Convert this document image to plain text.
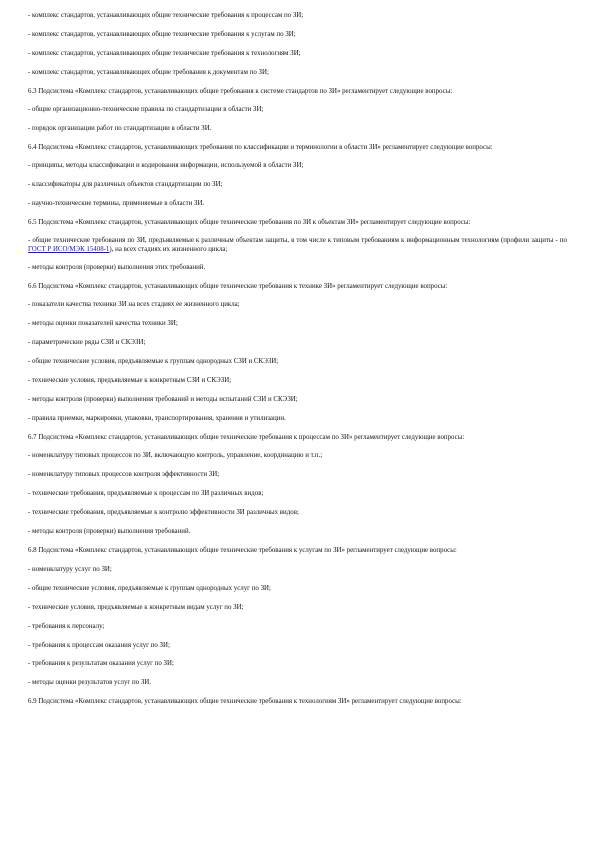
- комплекс стандартов, устанавливающих общие технические требования к процессам по ЗИ;

- комплекс стандартов, устанавливающих общие технические требования к услугам по ЗИ;

- комплекс стандартов, устанавливающих общие технические требования к технологиям ЗИ;

- комплекс стандартов, устанавливающих общие требования к документам по ЗИ;

6.3 Подсистема «Комплекс стандартов, устанавливающих общие требования к системе стандартов по ЗИ» регламентирует следующие вопросы:

- общие организационно-технические правила по стандартизации в области ЗИ;

- порядок организации работ по стандартизации в области ЗИ.

6.4 Подсистема «Комплекс стандартов, устанавливающих требования по классификации и терминологии в области ЗИ» регламентирует следующие вопросы:

- принципы, методы классификации и кодирования информации, используемой в области ЗИ;

- классификаторы для различных объектов стандартизации по ЗИ;

- научно-технические термины, применяемые в области ЗИ.

6.5 Подсистема «Комплекс стандартов, устанавливающих общие технические требования по ЗИ к объектам ЗИ» регламентирует следующие вопросы:

- общие технические требования по ЗИ, предъявляемые к различным объектам защиты, в том числе к типовым требованиям к информационным технологиям (профили защиты - по ГОСТ Р ИСО/МЭК 15408-1), на всех стадиях их жизненного цикла;

- методы контроля (проверки) выполнения этих требований.

6.6 Подсистема «Комплекс стандартов, устанавливающих общие технические требования к технике ЗИ» регламентирует следующие вопросы:

- показатели качества техники ЗИ на всех стадиях ее жизненного цикла;

- методы оценки показателей качества техники ЗИ;

- параметрические ряды СЗИ и СКЭЗИ;

- общие технические условия, предъявляемые к группам однородных СЗИ и СКЭЗИ;

- технические условия, предъявляемые к конкретным СЗИ и СКЭЗИ;

- методы контроля (проверки) выполнения требований и методы испытаний СЗИ и СКЭЗИ;

- правила приемки, маркировки, упаковки, транспортирования, хранения и утилизации.

6.7 Подсистема «Комплекс стандартов, устанавливающих общие технические требования к процессам по ЗИ» регламентирует следующие вопросы:

- номенклатуру типовых процессов по ЗИ, включающую контроль, управление, координацию и т.п.;

- номенклатуру типовых процессов контроля эффективности ЗИ;

- технические требования, предъявляемые к процессам по ЗИ различных видов;

- технические требования, предъявляемые к контролю эффективности ЗИ различных видов;

- методы контроля (проверки) выполнения требований.

6.8 Подсистема «Комплекс стандартов, устанавливающих общие технические требования к услугам по ЗИ» регламентирует следующие вопросы:

- номенклатуру услуг по ЗИ;

- общие технические условия, предъявляемые к группам однородных услуг по ЗИ;

- технические условия, предъявляемые к конкретным видам услуг по ЗИ;

- требования к персоналу;

- требования к процессам оказания услуг по ЗИ;

- требования к результатам оказания услуг по ЗИ;

- методы оценки результатов услуг по ЗИ.

6.9 Подсистема «Комплекс стандартов, устанавливающих общие технические требования к технологиям ЗИ» регламентирует следующие вопросы:
